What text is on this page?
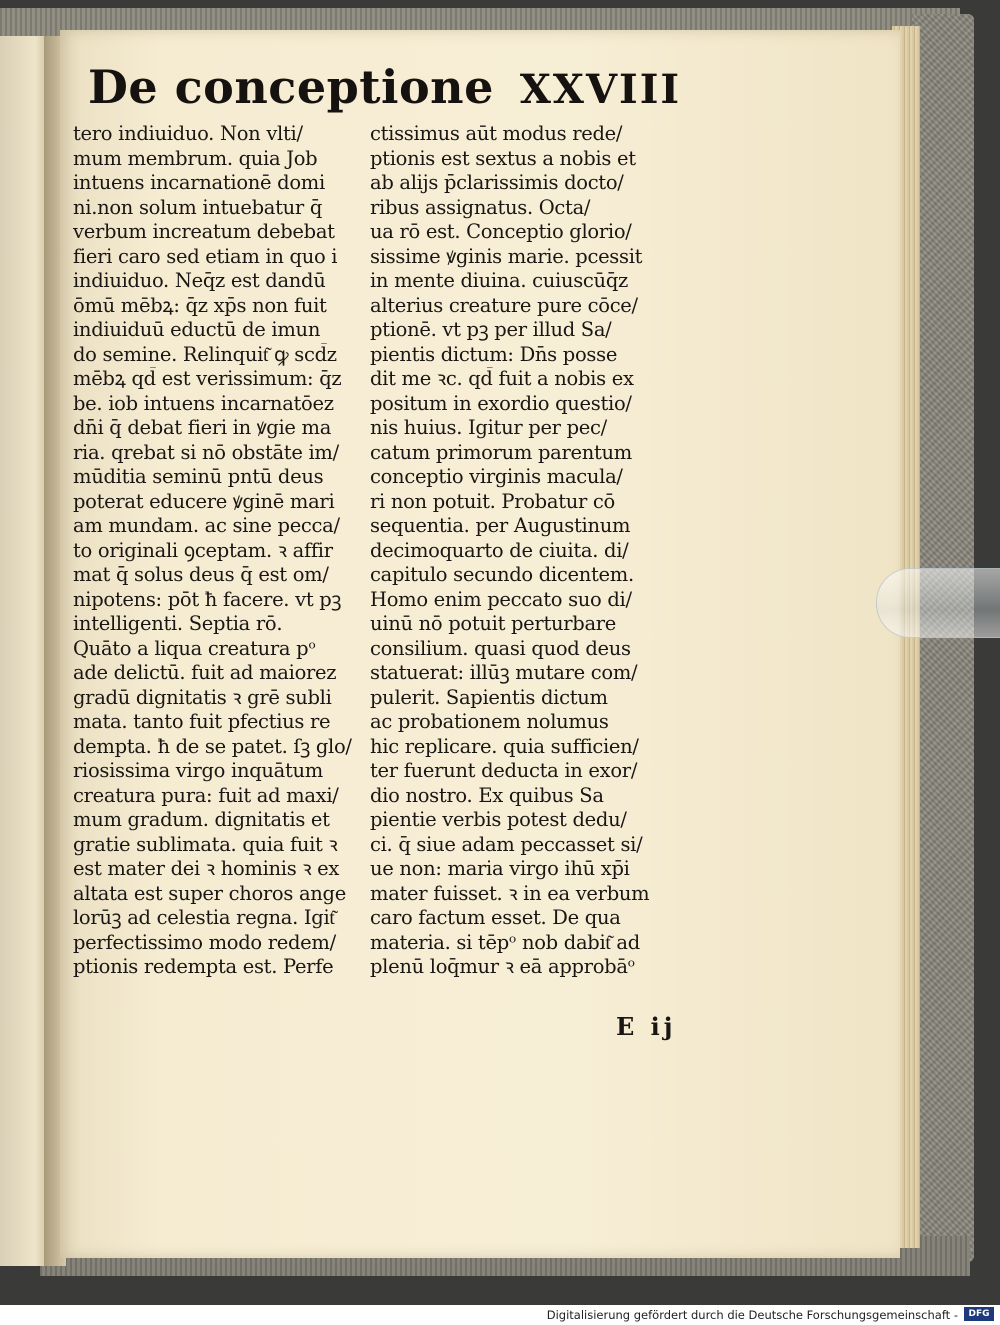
De conceptione XXVIII
tero indiuiduo. Non vlti/
mum membrum. quia Job
intuens incarnationē domi
ni.non solum intuebatur q̄
verbum increatum debebat
fieri caro sed etiam in quo i
indiuiduo. Neq̄z est dandū
ōmū mēbꝝ: q̄z xp̄s non fuit
indiuiduū eductū de imun
do semine. Relinquit͂ ꝙ scd̄z
mēbꝝ qd̄ est verissimum: q̄z
be. iob intuens incarnatōez
dn̄i q̄ debat fieri in ꝟgie ma
ria. qrebat si nō obstāte im/
mūditia seminū pntū deus
poterat educere ꝟginē mari
am mundam. ac sine pecca/
to originali ꝯceptam. ꝛ affir
mat q̄ solus deus q̄ est om/
nipotens: pōt ħ facere. vt pꝫ
intelligenti. Septia rō.
Quāto a liqua creatura pᵒ
ade delictū. fuit ad maiorez
gradū dignitatis ꝛ grē subli
mata. tanto fuit pfectius re
dempta. ħ de se patet. ſꝫ glo/
riosissima virgo inquātum
creatura pura: fuit ad maxi/
mum gradum. dignitatis et
gratie sublimata. quia fuit ꝛ
est mater dei ꝛ hominis ꝛ ex
altata est super choros ange
lorūꝫ ad celestia regna. Igit͂
perfectissimo modo redem/
ptionis redempta est. Perfe
ctissimus aūt modus rede/
ptionis est sextus a nobis et
ab alijs p̄clarissimis docto/
ribus assignatus. Octa/
ua rō est. Conceptio glorio/
sissime ꝟginis marie. pcessit
in mente diuina. cuiuscūq̄z
alterius creature pure cōce/
ptionē. vt pꝫ per illud Sa/
pientis dictum: Dn̄s posse
dit me ꝛc. qd̄ fuit a nobis ex
positum in exordio questio/
nis huius. Igitur per pec/
catum primorum parentum
conceptio virginis macula/
ri non potuit. Probatur cō
sequentia. per Augustinum
decimoquarto de ciuita. di/
capitulo secundo dicentem.
Homo enim peccato suo di/
uinū nō potuit perturbare
consilium. quasi quod deus
statuerat: illūꝫ mutare com/
pulerit. Sapientis dictum
ac probationem nolumus
hic replicare. quia sufficien/
ter fuerunt deducta in exor/
dio nostro. Ex quibus Sa
pientie verbis potest dedu/
ci. q̄ siue adam peccasset si/
ue non: maria virgo ihū xp̄i
mater fuisset. ꝛ in ea verbum
caro factum esset. De qua
materia. si tēpᵒ nob dabit͂ ad
plenū loq̄mur ꝛ eā approbāᵒ
E ij
Digitalisierung gefördert durch die Deutsche Forschungsgemeinschaft -	DFG
